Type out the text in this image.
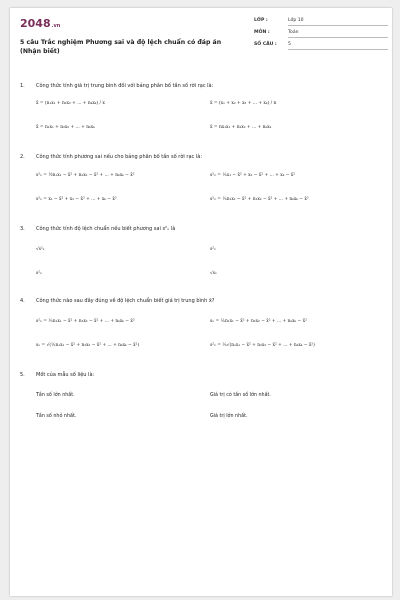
2048.vn
5 câu Trắc nghiệm Phương sai và độ lệch chuẩn có đáp án
(Nhận biết)
LỚP :	Lớp 10
MÔN :	Toán
SỐ CÂU : 5
1. Công thức tính giá trị trung bình đối với bảng phân bố tần số rời rạc là:
x̄ = (n₁x₁ + n₂x₂ + ... + nₖxₖ) / x	x̄ = (x₁ + x₂ + x₃ + ... + xₖ) / n
x̄ = n₁x₁ + n₂x₂ + ... + nₖxₖ	x̄ = nx₁x₁ + n₂x₂ + ... + nₖxₖ
2. Công thức tính phương sai nếu cho bảng phân bố tần số rời rạc là:
s²ₓ = ½n₁x₁ − x̄² + n₂x₂ − x̄² + ... + nₖxₖ − x̄²	s²ₓ = ⅟ₙx₁ − x̄² + x₂ − x̄² + ... + xₖ − x̄²
s²ₓ = x₁ − x̄² + x₂ − x̄² + ... + xₖ − x̄²	s²ₓ = ⅟ₙn₁x₁ − x̄² + n₂x₂ − x̄² + ... + nₖxₖ − x̄²
3. Công thức tính độ lệch chuẩn nếu biết phương sai s²ₓ là
√s²ₓ	s²ₓ
s²ₓ	√sₓ
4. Công thức nào sau đây đúng về độ lệch chuẩn biết giá trị trung bình x̄?
s²ₓ = ⅟ₙn₁x₁ − x̄² + n₂x₂ − x̄² + ... + nₖxₖ − x̄²	sₓ = ⅟ₙn₁x₁ − x̄² + n₂x₂ − x̄² + ... + nₖxₖ − x̄²
sₓ = √(⅟ₙn₁x₁ − x̄² + n₂x₂ − x̄² + ... + nₖxₖ − x̄²)	s²ₓ = ⅟ₙ√(n₁x₁ − x̄² + n₂x₂ − x̄² + ... + nₖxₖ − x̄²)
5. Mốt của mẫu số liệu là:
Tần số lớn nhất.	Giá trị có tần số lớn nhất.
Tần số nhỏ nhất.	Giá trị lớn nhất.
